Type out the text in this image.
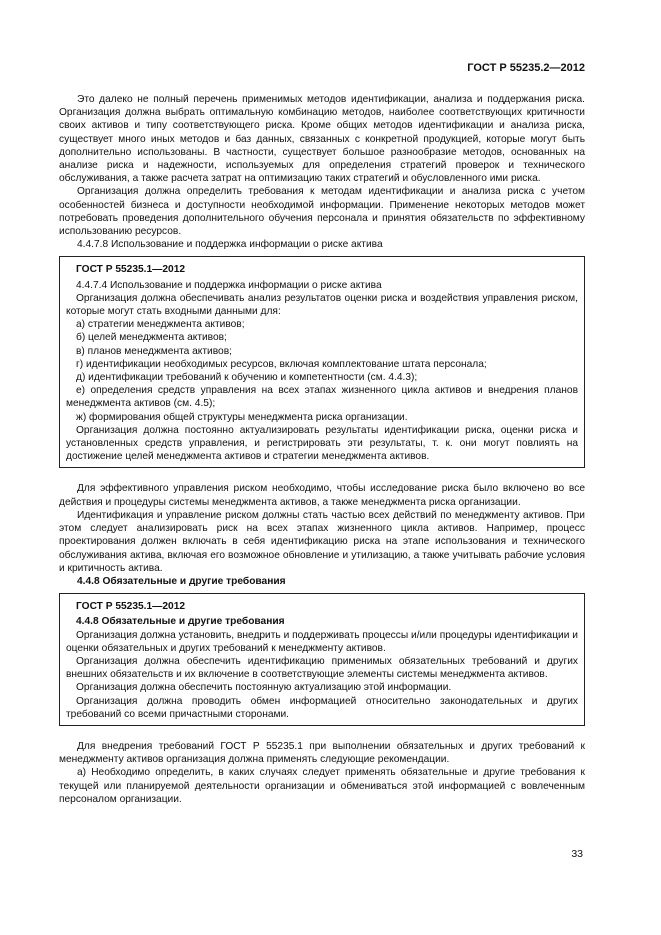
ГОСТ Р 55235.2—2012

Это далеко не полный перечень применимых методов идентификации, анализа и поддержания риска. Организация должна выбрать оптимальную комбинацию методов, наиболее соответствующих критичности своих активов и типу соответствующего риска. Кроме общих методов идентификации и анализа риска, существует много иных методов и баз данных, связанных с конкретной продукцией, которые могут быть дополнительно использованы. В частности, существует большое разнообразие методов, основанных на анализе риска и надежности, используемых для определения стратегий проверок и технического обслуживания, а также расчета затрат на оптимизацию таких стратегий и обусловленного ими риска.

Организация должна определить требования к методам идентификации и анализа риска с учетом особенностей бизнеса и доступности необходимой информации. Применение некоторых методов может потребовать проведения дополнительного обучения персонала и принятия обязательств по эффективному использованию ресурсов.

4.4.7.8 Использование и поддержка информации о риске актива

ГОСТ Р 55235.1—2012

4.4.7.4 Использование и поддержка информации о риске актива

Организация должна обеспечивать анализ результатов оценки риска и воздействия управления риском, которые могут стать входными данными для:

а) стратегии менеджмента активов;

б) целей менеджмента активов;

в) планов менеджмента активов;

г) идентификации необходимых ресурсов, включая комплектование штата персонала;

д) идентификации требований к обучению и компетентности (см. 4.4.3);

е) определения средств управления на всех этапах жизненного цикла активов и внедрения планов менеджмента активов (см. 4.5);

ж) формирования общей структуры менеджмента риска организации.

Организация должна постоянно актуализировать результаты идентификации риска, оценки риска и установленных средств управления, и регистрировать эти результаты, т. к. они могут повлиять на достижение целей менеджмента активов и стратегии менеджмента активов.

Для эффективного управления риском необходимо, чтобы исследование риска было включено во все действия и процедуры системы менеджмента активов, а также менеджмента риска организации.

Идентификация и управление риском должны стать частью всех действий по менеджменту активов. При этом следует анализировать риск на всех этапах жизненного цикла активов. Например, процесс проектирования должен включать в себя идентификацию риска на этапе использования и технического обслуживания актива, включая его возможное обновление и утилизацию, а также учитывать рабочие условия и критичность актива.

4.4.8 Обязательные и другие требования

ГОСТ Р 55235.1—2012

4.4.8 Обязательные и другие требования

Организация должна установить, внедрить и поддерживать процессы и/или процедуры идентификации и оценки обязательных и других требований к менеджменту активов.

Организация должна обеспечить идентификацию применимых обязательных требований и других внешних обязательств и их включение в соответствующие элементы системы менеджмента активов.

Организация должна обеспечить постоянную актуализацию этой информации.

Организация должна проводить обмен информацией относительно законодательных и других требований со всеми причастными сторонами.

Для внедрения требований ГОСТ Р 55235.1 при выполнении обязательных и других требований к менеджменту активов организация должна применять следующие рекомендации.

а) Необходимо определить, в каких случаях следует применять обязательные и другие требования к текущей или планируемой деятельности организации и обмениваться этой информацией с вовлеченным персоналом организации.

33
